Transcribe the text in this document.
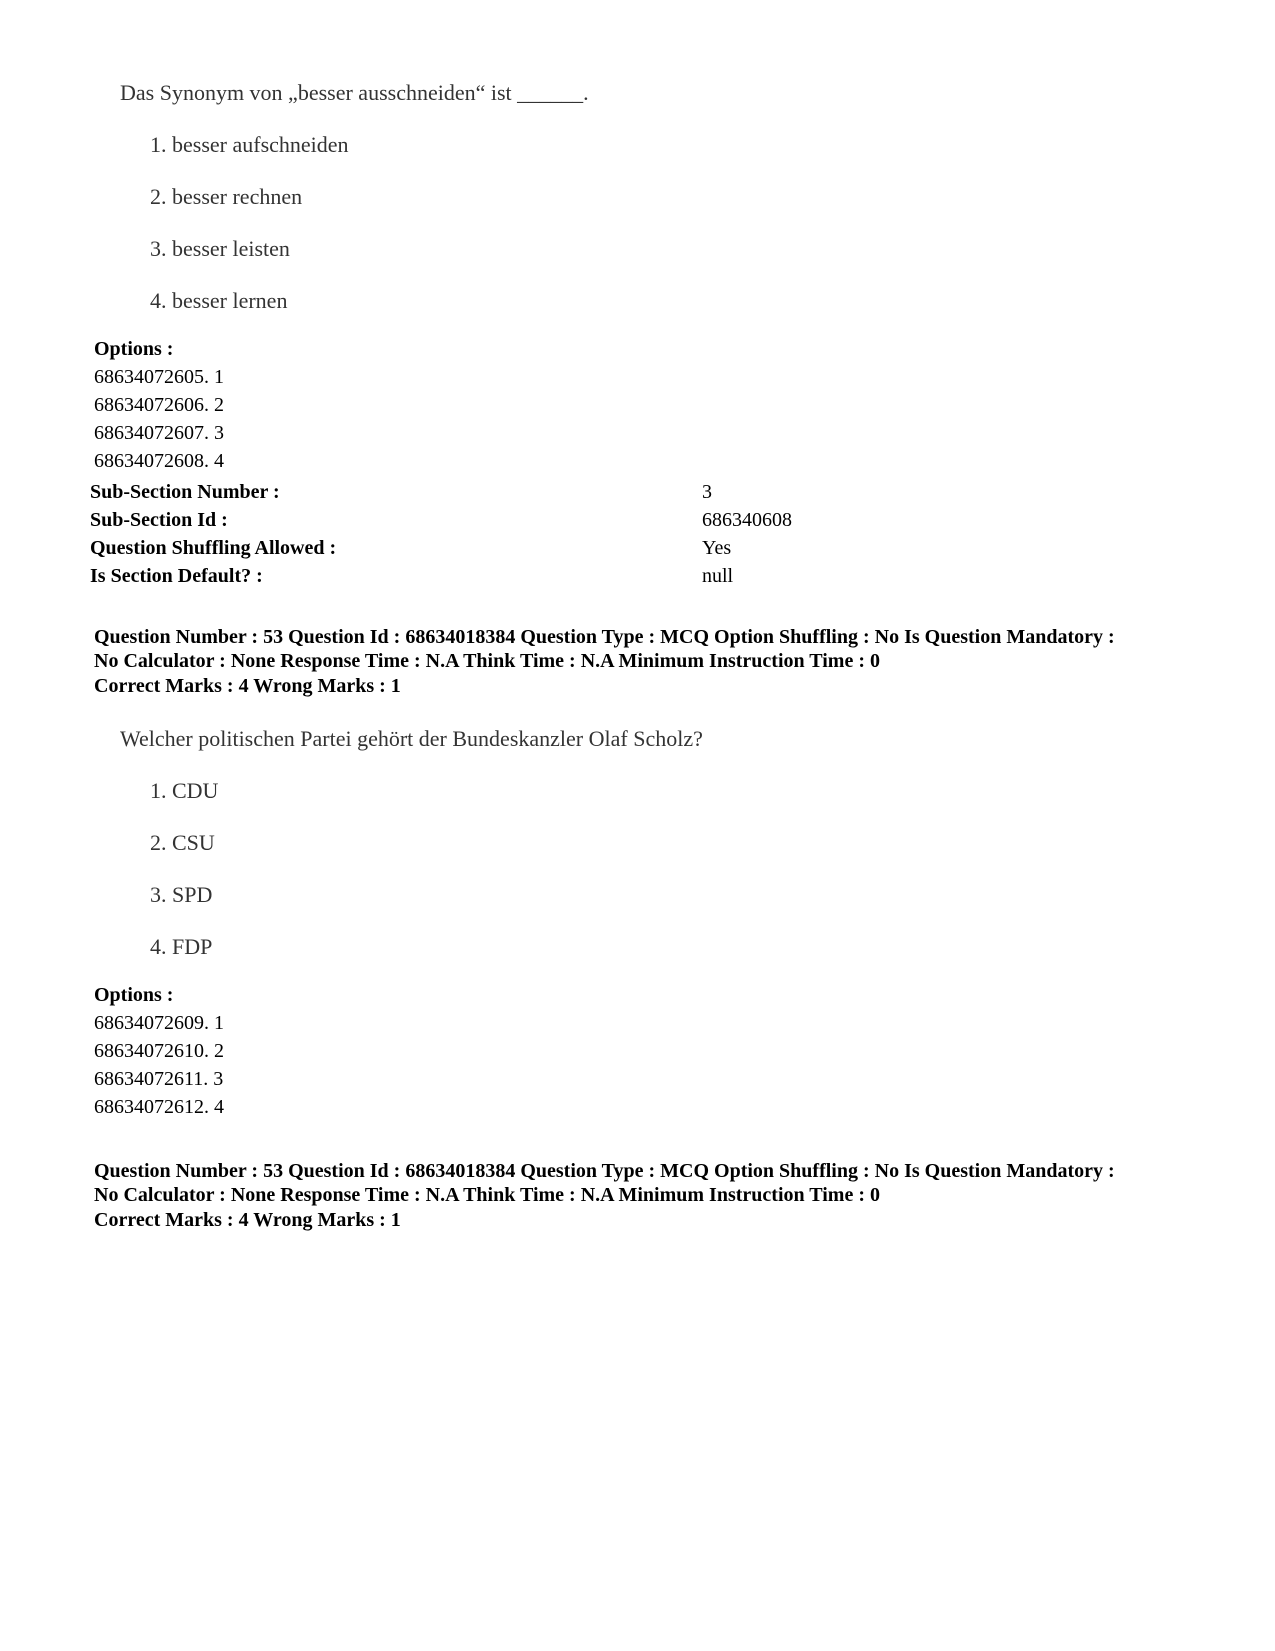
Das Synonym von „besser ausschneiden“ ist ______.
1. besser aufschneiden
2. besser rechnen
3. besser leisten
4. besser lernen
Options :
68634072605. 1
68634072606. 2
68634072607. 3
68634072608. 4
Sub-Section Number :	3
Sub-Section Id :	686340608
Question Shuffling Allowed :	Yes
Is Section Default? :	null
Question Number : 53 Question Id : 68634018384 Question Type : MCQ Option Shuffling : No Is Question Mandatory :
No Calculator : None Response Time : N.A Think Time : N.A Minimum Instruction Time : 0
Correct Marks : 4 Wrong Marks : 1
Welcher politischen Partei gehört der Bundeskanzler Olaf Scholz?
1. CDU
2. CSU
3. SPD
4. FDP
Options :
68634072609. 1
68634072610. 2
68634072611. 3
68634072612. 4
Question Number : 53 Question Id : 68634018384 Question Type : MCQ Option Shuffling : No Is Question Mandatory :
No Calculator : None Response Time : N.A Think Time : N.A Minimum Instruction Time : 0
Correct Marks : 4 Wrong Marks : 1
